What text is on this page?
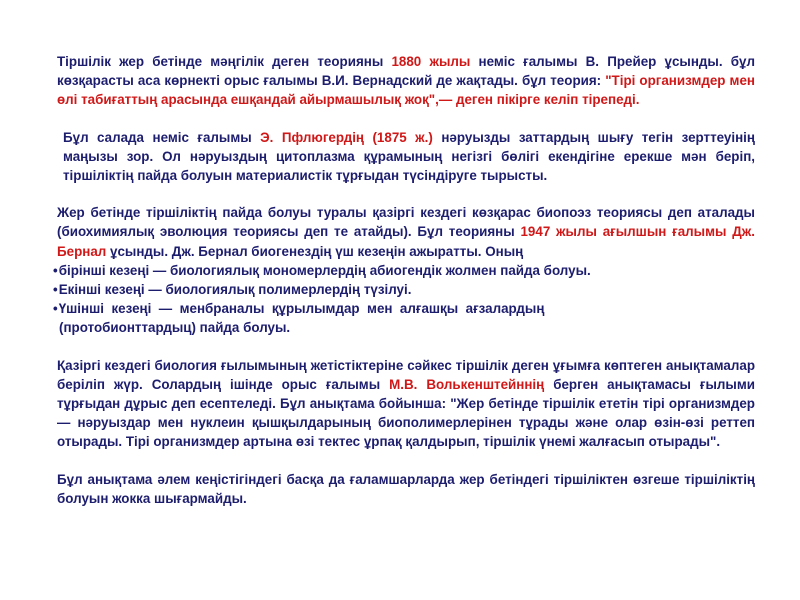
Тіршілік жер бетінде мәңгілік деген теорияны 1880 жылы неміс ғалымы В. Прейер ұсынды. бұл көзқарасты аса көрнекті орыс ғалымы В.И. Вернадский де жақтады. бұл теория: "Тірі организмдер мен өлі табиғаттың арасында ешқандай айырмашылық жоқ",— деген пікірге келіп тірепеді.

Бұл салада неміс ғалымы Э. Пфлюгердің (1875 ж.) нәруызды заттардың шығу тегін зерттеуінің маңызы зор. Ол нәруыздың цитоплазма құрамының негізгі бөлігі екендігіне ерекше мән беріп, тіршіліктің пайда болуын материалистік тұрғыдан түсіндіруге тырысты.

Жер бетінде тіршіліктің пайда болуы туралы қазіргі кездегі көзқарас биопоэз теориясы деп аталады (биохимиялық эволюция теориясы деп те атайды). Бұл теорияны 1947 жылы ағылшын ғалымы Дж. Бернал ұсынды. Дж. Бернал биогенездің үш кезеңін ажыратты. Оның

•бірінші кезеңі — биологиялық мономерлердің абиогендік жолмен пайда болуы.
•Екінші кезеңі — биологиялық полимерлердің түзілуі.
•Үшінші  кезеңі  —  менбраналы  құрылымдар  мен  алғашқы  ағзалардың
(протобионттардыц) пайда болуы.

Қазіргі кездегі биология ғылымының жетістіктеріне сәйкес тіршілік деген ұғымға көптеген анықтамалар беріліп жүр. Солардың ішінде орыс ғалымы М.В. Волькенштейннің берген анықтамасы ғылыми тұрғыдан дұрыс деп есептеледі. Бұл анықтама бойынша: "Жер бетінде тіршілік ететін тірі организмдер — нәруыздар мен нуклеин қышқылдарының биополимерлерінен тұрады және олар өзін-өзі реттеп отырады. Тірі организмдер артына өзі тектес ұрпақ қалдырып, тіршілік үнемі жалғасып отырады".

Бұл анықтама әлем кеңістігіндегі басқа да ғаламшарларда жер бетіндегі тіршіліктен өзгеше тіршіліктің болуын жокка шығармайды.
